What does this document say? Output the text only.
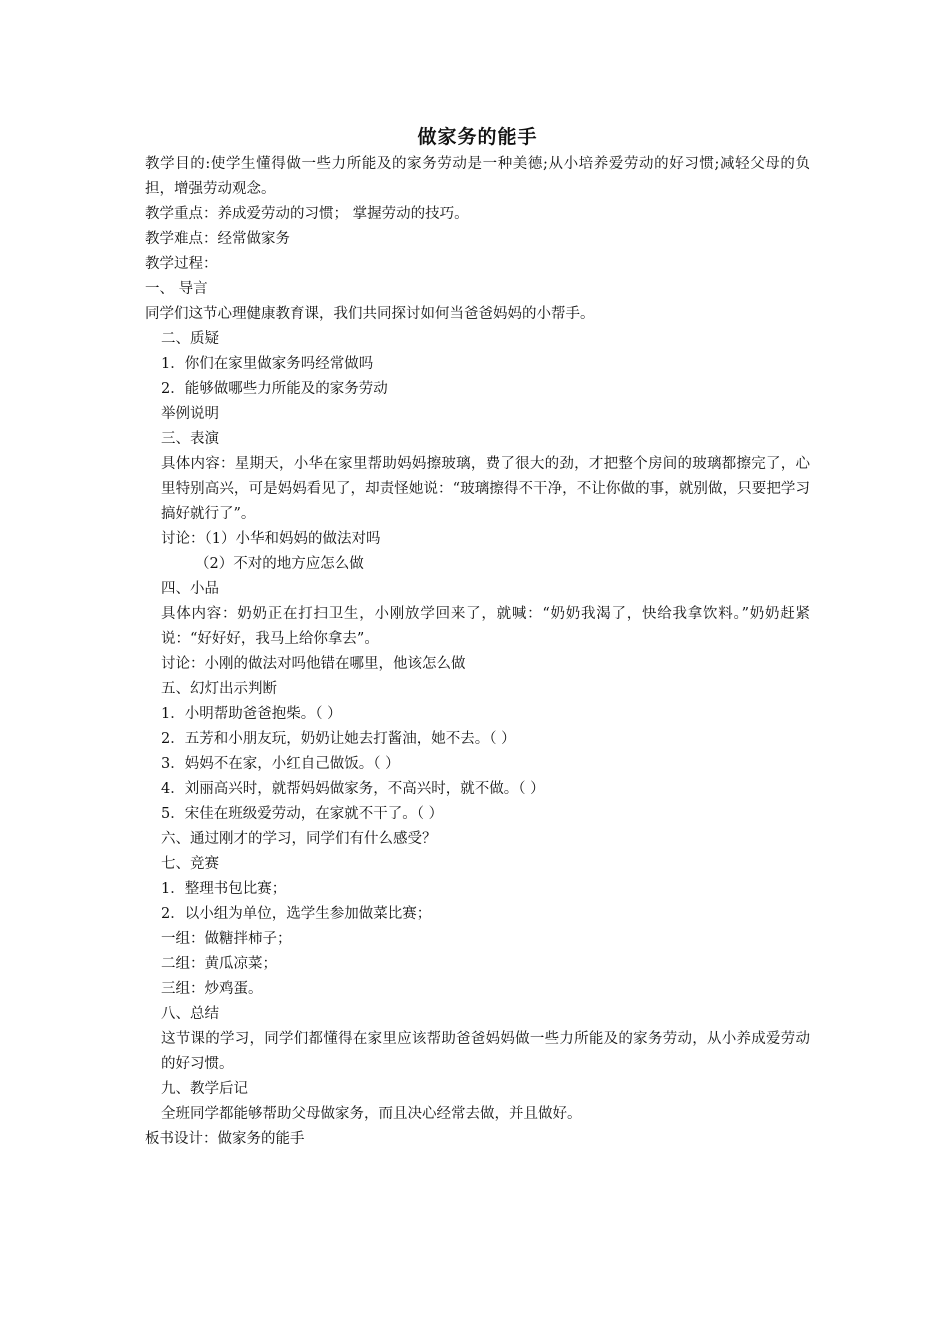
做家务的能手

教学目的:使学生懂得做一些力所能及的家务劳动是一种美德;从小培养爱劳动的好习惯;减轻父母的负担，增强劳动观念。

教学重点：养成爱劳动的习惯； 掌握劳动的技巧。

教学难点：经常做家务

教学过程：

一、 导言

同学们这节心理健康教育课，我们共同探讨如何当爸爸妈妈的小帮手。

二、质疑

1．你们在家里做家务吗经常做吗

2．能够做哪些力所能及的家务劳动

举例说明

三、表演

具体内容：星期天，小华在家里帮助妈妈擦玻璃，费了很大的劲，才把整个房间的玻璃都擦完了，心里特别高兴，可是妈妈看见了，却责怪她说：“玻璃擦得不干净，不让你做的事，就别做，只要把学习搞好就行了”。

讨论：（1）小华和妈妈的做法对吗

（2）不对的地方应怎么做

四、小品

具体内容：奶奶正在打扫卫生，小刚放学回来了，就喊：“奶奶我渴了，快给我拿饮料。”奶奶赶紧说：“好好好，我马上给你拿去”。

讨论：小刚的做法对吗他错在哪里，他该怎么做

五、幻灯出示判断

1．小明帮助爸爸抱柴。（ ）

2．五芳和小朋友玩，奶奶让她去打酱油，她不去。（ ）

3．妈妈不在家，小红自己做饭。（ ）

4．刘丽高兴时，就帮妈妈做家务，不高兴时，就不做。（ ）

5．宋佳在班级爱劳动，在家就不干了。（ ）

六、通过刚才的学习，同学们有什么感受？

七、竞赛

1．整理书包比赛；

2．以小组为单位，选学生参加做菜比赛；

一组：做糖拌柿子；

二组：黄瓜凉菜；

三组：炒鸡蛋。

八、总结

这节课的学习，同学们都懂得在家里应该帮助爸爸妈妈做一些力所能及的家务劳动，从小养成爱劳动的好习惯。

九、教学后记

全班同学都能够帮助父母做家务，而且决心经常去做，并且做好。

板书设计：做家务的能手
